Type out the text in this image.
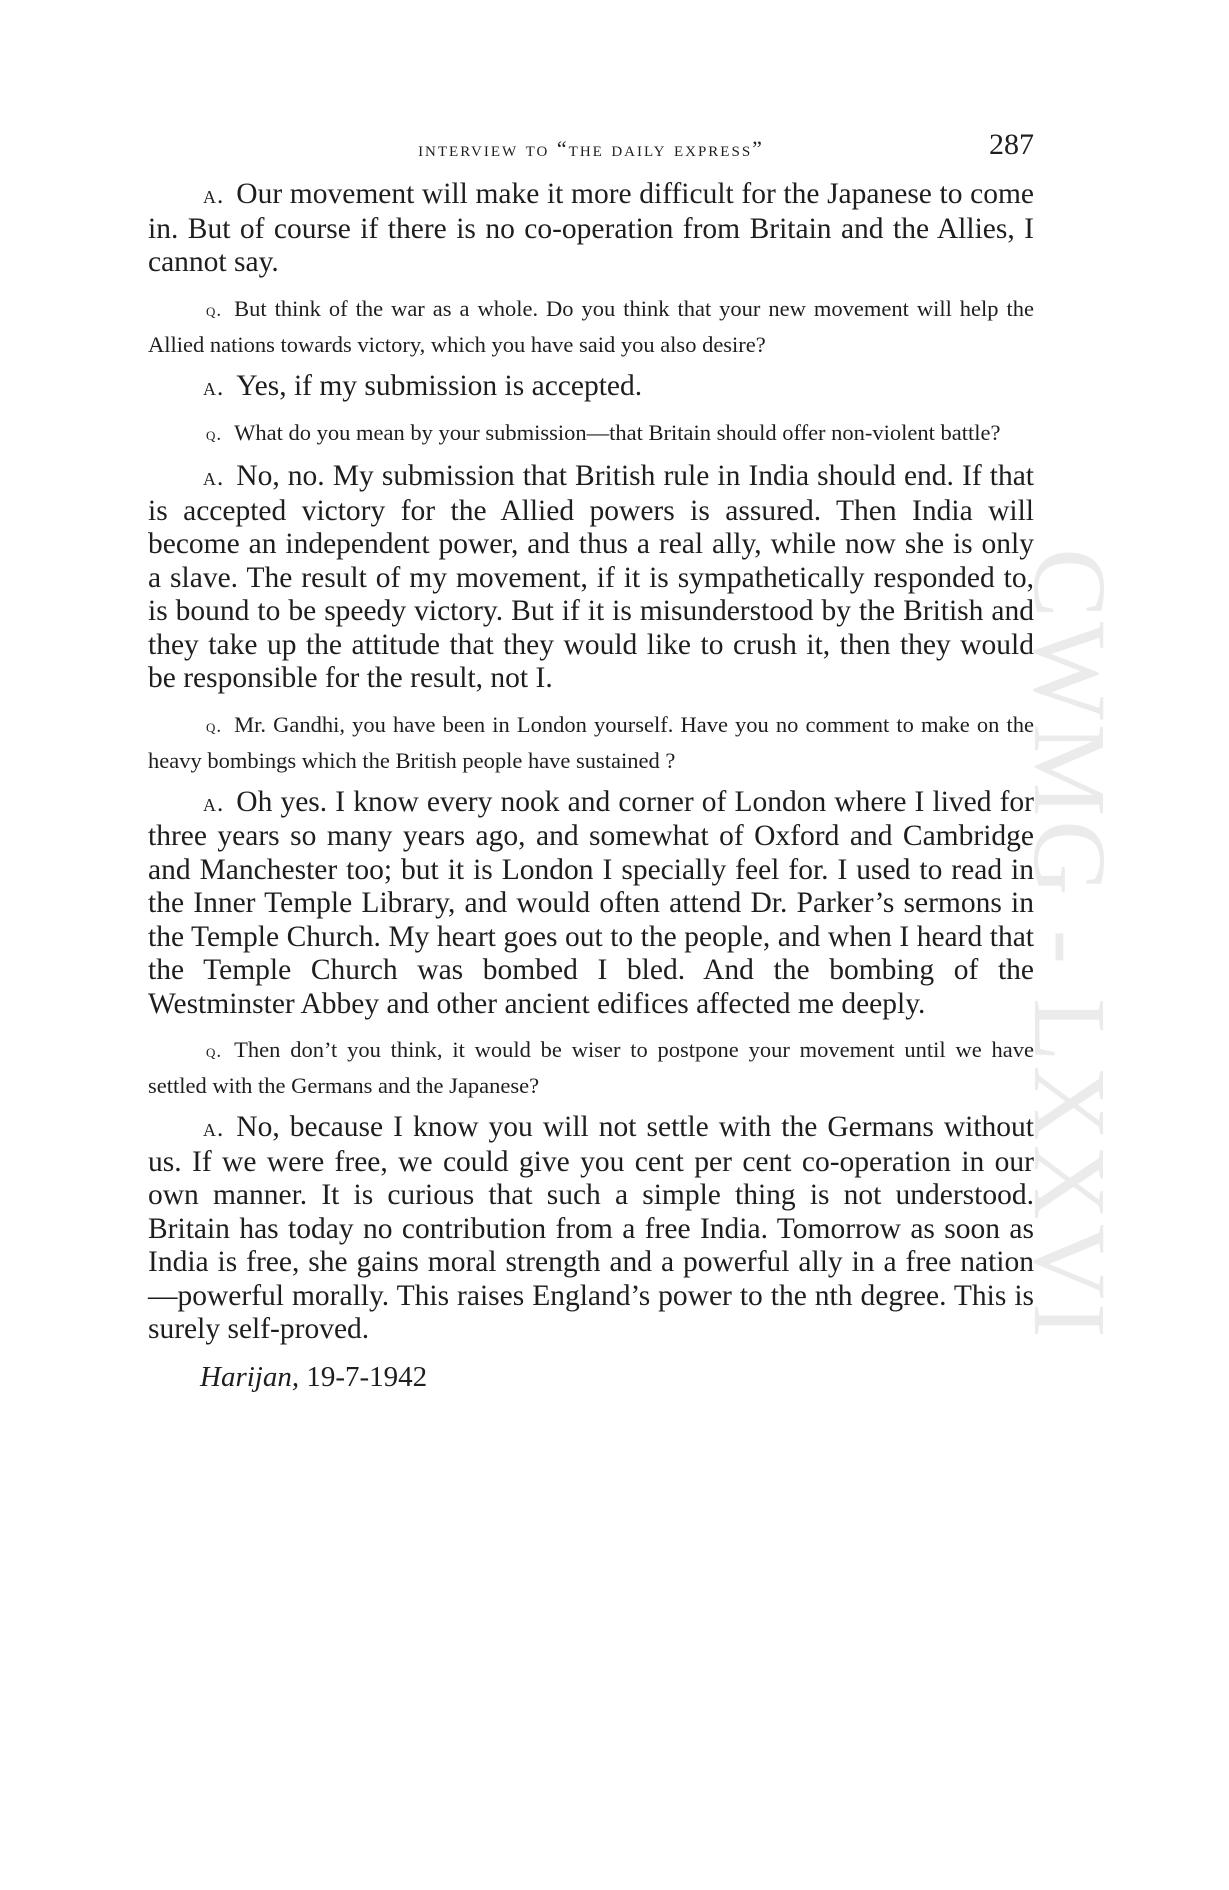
interview to “the daily express”	287

a. Our movement will make it more difficult for the Japanese to come in. But of course if there is no co-operation from Britain and the Allies, I cannot say.

q. But think of the war as a whole. Do you think that your new movement will help the Allied nations towards victory, which you have said you also desire?

a. Yes, if my submission is accepted.

q. What do you mean by your submission—that Britain should offer non-violent battle?

a. No, no. My submission that British rule in India should end. If that is accepted victory for the Allied powers is assured. Then India will become an independent power, and thus a real ally, while now she is only a slave. The result of my movement, if it is sympathetically responded to, is bound to be speedy victory. But if it is misunderstood by the British and they take up the attitude that they would like to crush it, then they would be responsible for the result, not I.

q. Mr. Gandhi, you have been in London yourself. Have you no comment to make on the heavy bombings which the British people have sustained ?

a. Oh yes. I know every nook and corner of London where I lived for three years so many years ago, and somewhat of Oxford and Cambridge and Manchester too; but it is London I specially feel for. I used to read in the Inner Temple Library, and would often attend Dr. Parker’s sermons in the Temple Church. My heart goes out to the people, and when I heard that the Temple Church was bombed I bled. And the bombing of the Westminster Abbey and other ancient edifices affected me deeply.

q. Then don’t you think, it would be wiser to postpone your movement until we have settled with the Germans and the Japanese?

a. No, because I know you will not settle with the Germans without us. If we were free, we could give you cent per cent co-operation in our own manner. It is curious that such a simple thing is not understood. Britain has today no contribution from a free India. Tomorrow as soon as India is free, she gains moral strength and a powerful ally in a free nation—powerful morally. This raises England’s power to the nth degree. This is surely self-proved.

Harijan, 19-7-1942
CWMG - LXXVI
